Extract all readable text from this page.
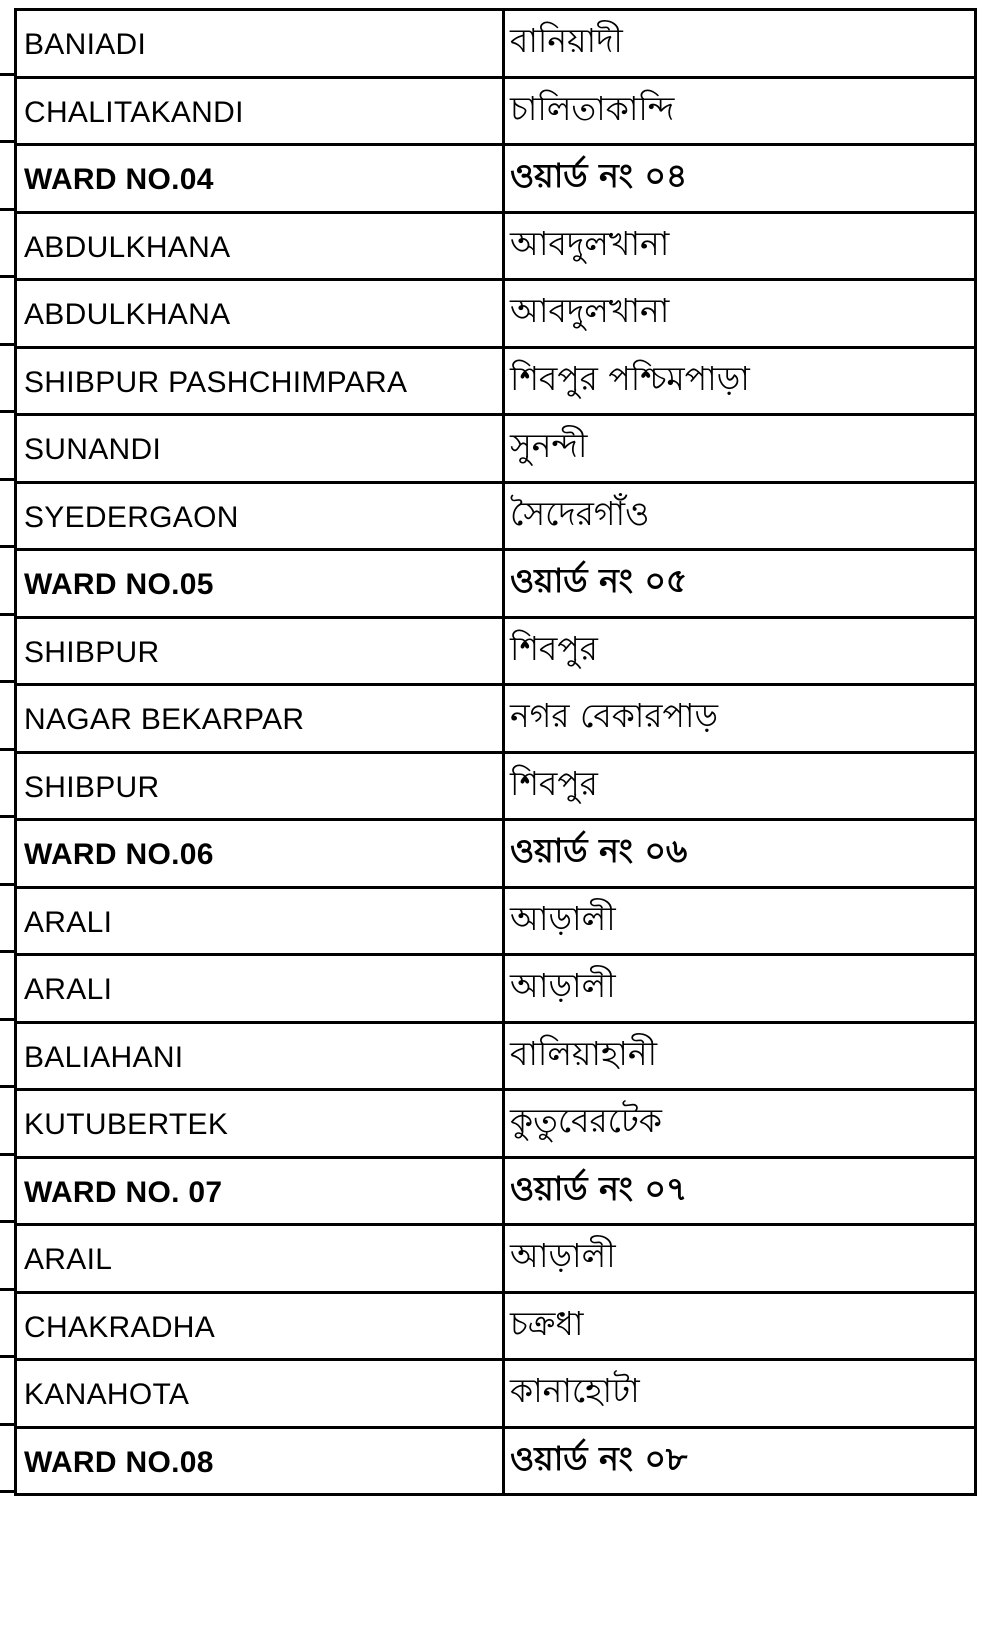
BANIADI	বানিয়াদী
CHALITAKANDI	চালিতাকান্দি
WARD NO.04	ওয়ার্ড নং ০৪
ABDULKHANA	আবদুলখানা
ABDULKHANA	আবদুলখানা
SHIBPUR PASHCHIMPARA	শিবপুর পশ্চিমপাড়া
SUNANDI	সুনন্দী
SYEDERGAON	সৈদেরগাঁও
WARD NO.05	ওয়ার্ড নং ০৫
SHIBPUR	শিবপুর
NAGAR BEKARPAR	নগর বেকারপাড়
SHIBPUR	শিবপুর
WARD NO.06	ওয়ার্ড নং ০৬
ARALI	আড়ালী
ARALI	আড়ালী
BALIAHANI	বালিয়াহানী
KUTUBERTEK	কুতুবেরটেক
WARD NO. 07	ওয়ার্ড নং ০৭
ARAIL	আড়ালী
CHAKRADHA	চক্রধা
KANAHOTA	কানাহোটা
WARD NO.08	ওয়ার্ড নং ০৮
